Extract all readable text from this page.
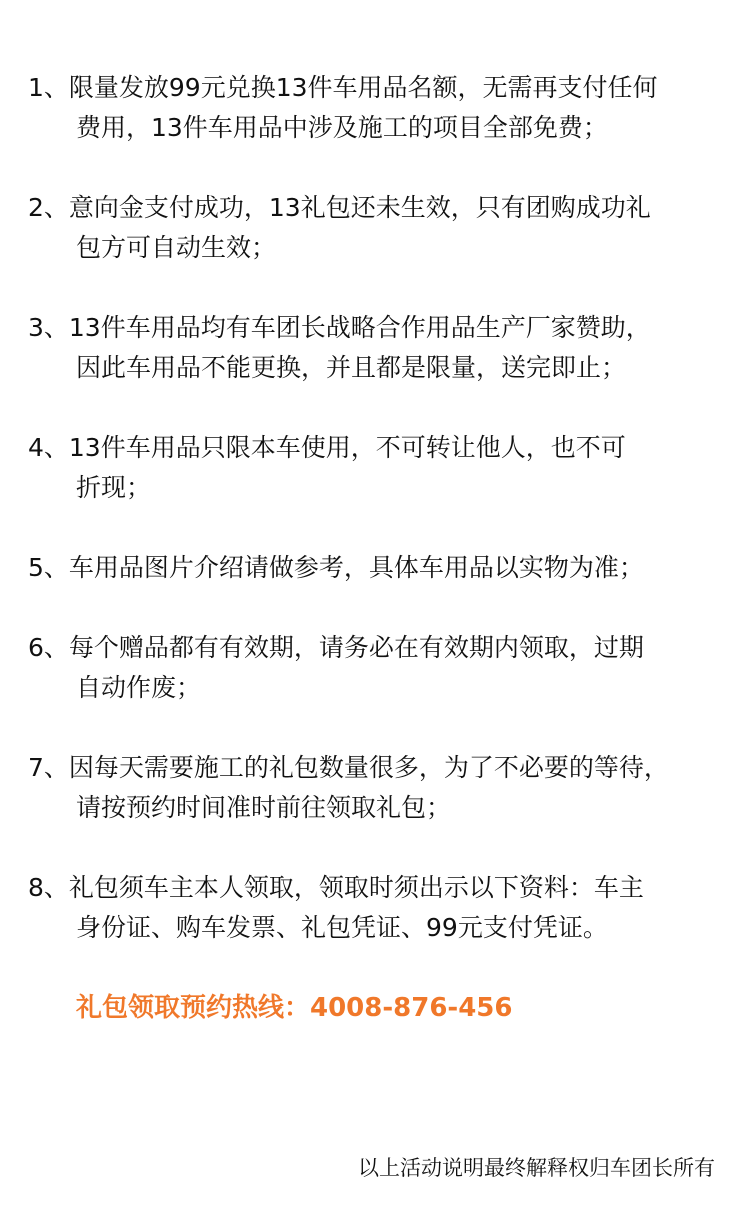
1、限量发放99元兑换13件车用品名额，无需再支付任何
费用，13件车用品中涉及施工的项目全部免费；
2、意向金支付成功，13礼包还未生效，只有团购成功礼
包方可自动生效；
3、13件车用品均有车团长战略合作用品生产厂家赞助，
因此车用品不能更换，并且都是限量，送完即止；
4、13件车用品只限本车使用，不可转让他人，也不可
折现；
5、车用品图片介绍请做参考，具体车用品以实物为准；
6、每个赠品都有有效期，请务必在有效期内领取，过期
自动作废；
7、因每天需要施工的礼包数量很多，为了不必要的等待，
请按预约时间准时前往领取礼包；
8、礼包须车主本人领取，领取时须出示以下资料：车主
身份证、购车发票、礼包凭证、99元支付凭证。
礼包领取预约热线：4008-876-456
以上活动说明最终解释权归车团长所有
